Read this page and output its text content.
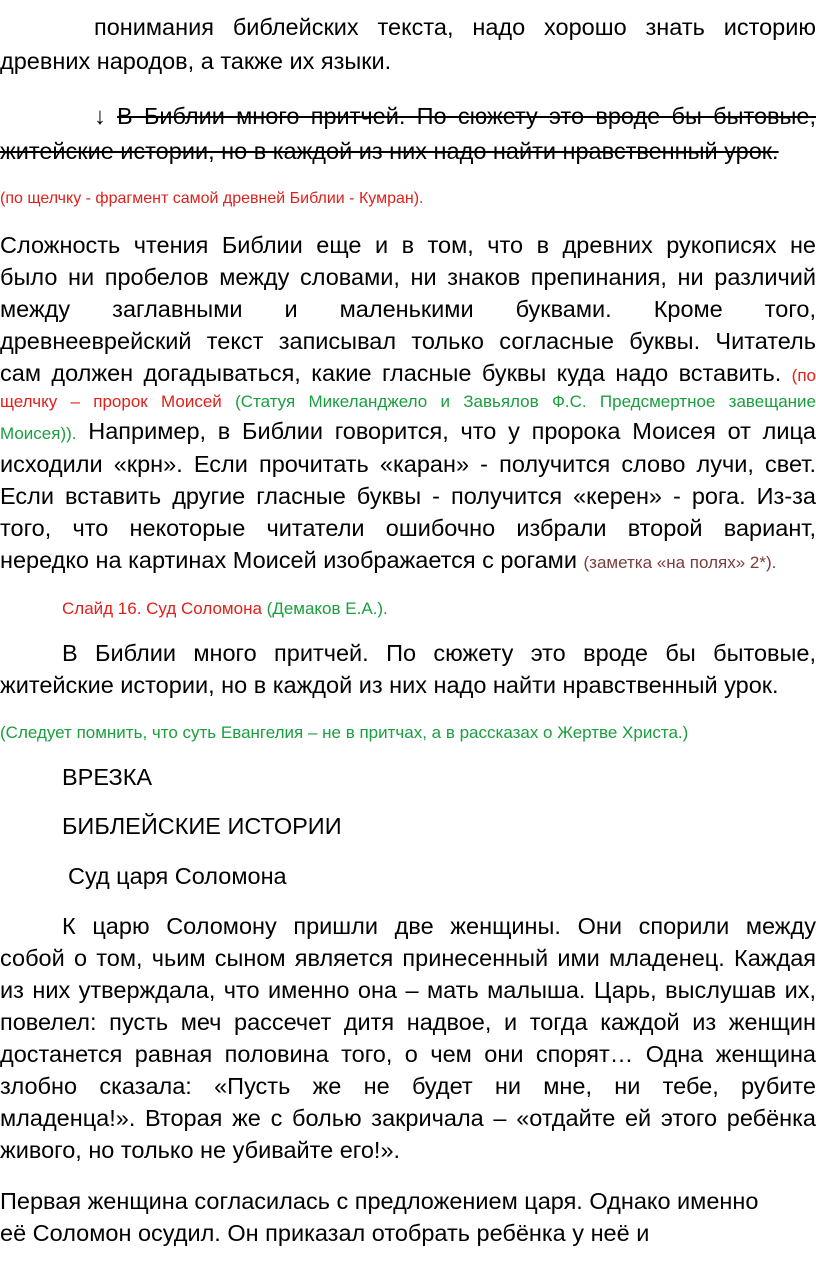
понимания библейских текста, надо хорошо знать историю
древних народов, а также их языки.
↓ В Библии много притчей. По сюжету это вроде бы бытовые,
житейские истории, но в каждой из них надо найти нравственный урок.
(по щелчку - фрагмент самой древней Библии - Кумран).
Сложность чтения Библии еще и в том, что в древних рукописях не
было ни пробелов между словами, ни знаков препинания, ни различий
между заглавными и маленькими буквами. Кроме того,
древнееврейский текст записывал только согласные буквы. Читатель
сам должен догадываться, какие гласные буквы куда надо вставить. (по
щелчку – пророк Моисей (Статуя Микеланджело и Завьялов Ф.С. Предсмертное завещание
Моисея)). Например, в Библии говорится, что у пророка Моисея от лица
исходили «крн». Если прочитать «каран» - получится слово лучи, свет.
Если вставить другие гласные буквы - получится «керен» - рога. Из-за
того, что некоторые читатели ошибочно избрали второй вариант,
нередко на картинах Моисей изображается с рогами (заметка «на полях» 2*).
Слайд 16. Суд Соломона (Демаков Е.А.).
В Библии много притчей. По сюжету это вроде бы бытовые,
житейские истории, но в каждой из них надо найти нравственный урок.
(Следует помнить, что суть Евангелия – не в притчах, а в рассказах о Жертве Христа.)
ВРЕЗКА
БИБЛЕЙСКИЕ ИСТОРИИ
Суд царя Соломона
К царю Соломону пришли две женщины. Они спорили между
собой о том, чьим сыном является принесенный ими младенец. Каждая
из них утверждала, что именно она – мать малыша. Царь, выслушав их,
повелел: пусть меч рассечет дитя надвое, и тогда каждой из женщин
достанется равная половина того, о чем они спорят… Одна женщина
злобно сказала: «Пусть же не будет ни мне, ни тебе, рубите
младенца!». Вторая же с болью закричала – «отдайте ей этого ребёнка
живого, но только не убивайте его!».
Первая женщина согласилась с предложением царя. Однако именно
её Соломон осудил. Он приказал отобрать ребёнка у неё и
